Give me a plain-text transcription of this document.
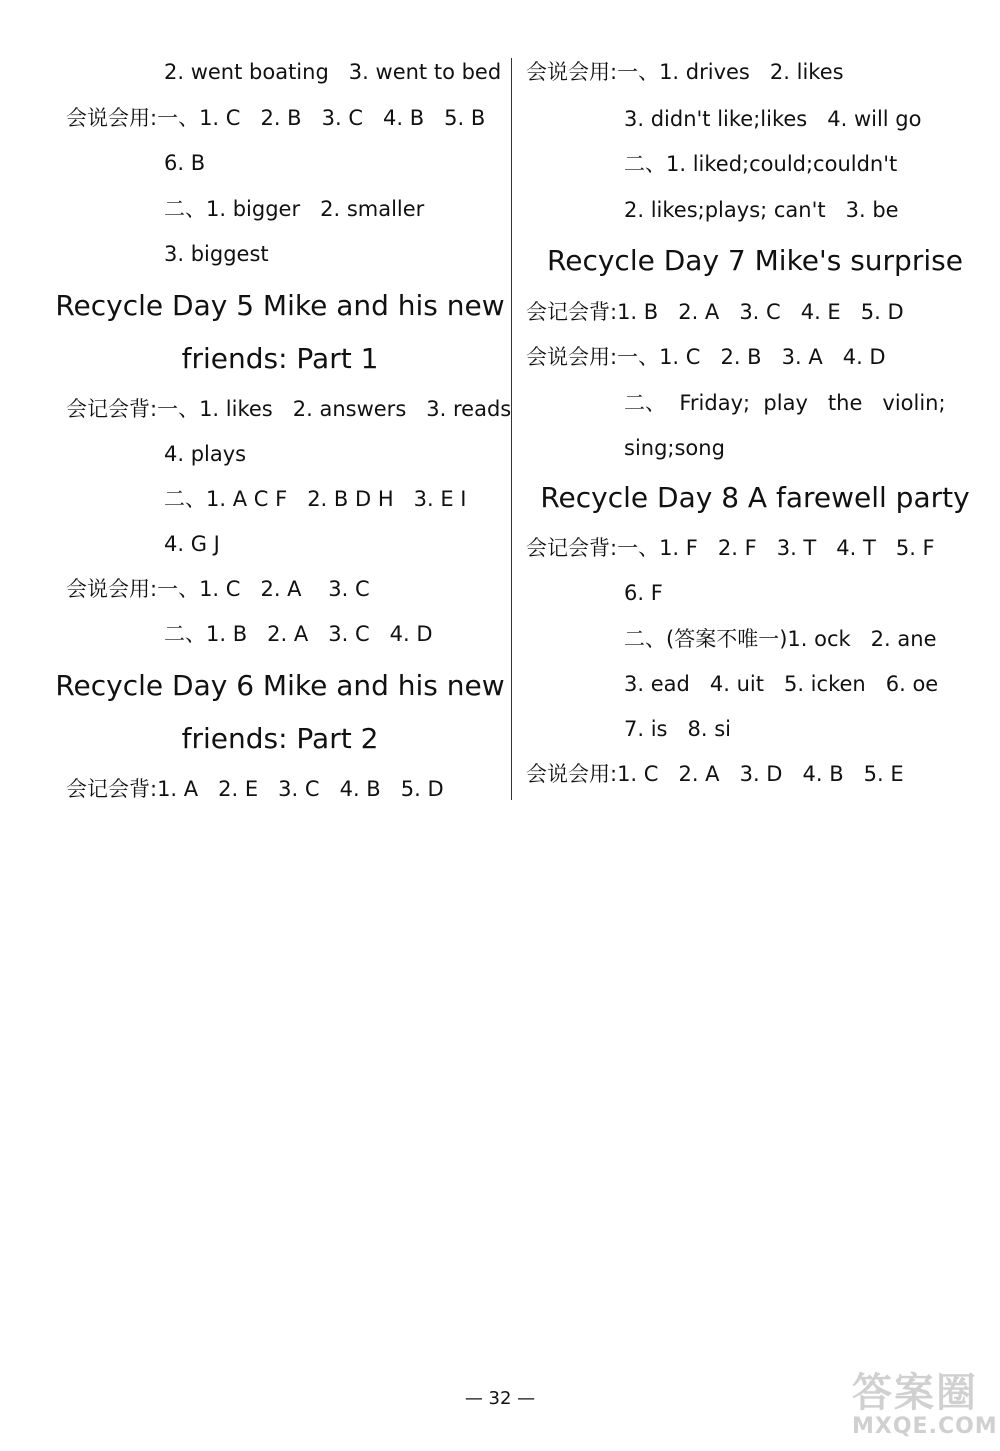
2. went boating   3. went to bed
会说会用:一、1. C   2. B   3. C   4. B   5. B
6. B
二、1. bigger   2. smaller
3. biggest
Recycle Day 5 Mike and his new
friends: Part 1
会记会背:一、1. likes   2. answers   3. reads
4. plays
二、1. A C F   2. B D H   3. E I
4. G J
会说会用:一、1. C   2. A    3. C
二、1. B   2. A   3. C   4. D
Recycle Day 6 Mike and his new
friends: Part 2
会记会背:1. A   2. E   3. C   4. B   5. D
会说会用:一、1. drives   2. likes
3. didn't like;likes   4. will go
二、1. liked;could;couldn't
2. likes;plays; can't   3. be
Recycle Day 7 Mike's surprise
会记会背:1. B   2. A   3. C   4. E   5. D
会说会用:一、1. C   2. B   3. A   4. D
二、  Friday;  play   the   violin;
sing;song
Recycle Day 8 A farewell party
会记会背:一、1. F   2. F   3. T   4. T   5. F
6. F
二、(答案不唯一)1. ock   2. ane
3. ead   4. uit   5. icken   6. oe
7. is   8. si
会说会用:1. C   2. A   3. D   4. B   5. E
— 32 —	答案圈
MXQE.COM
